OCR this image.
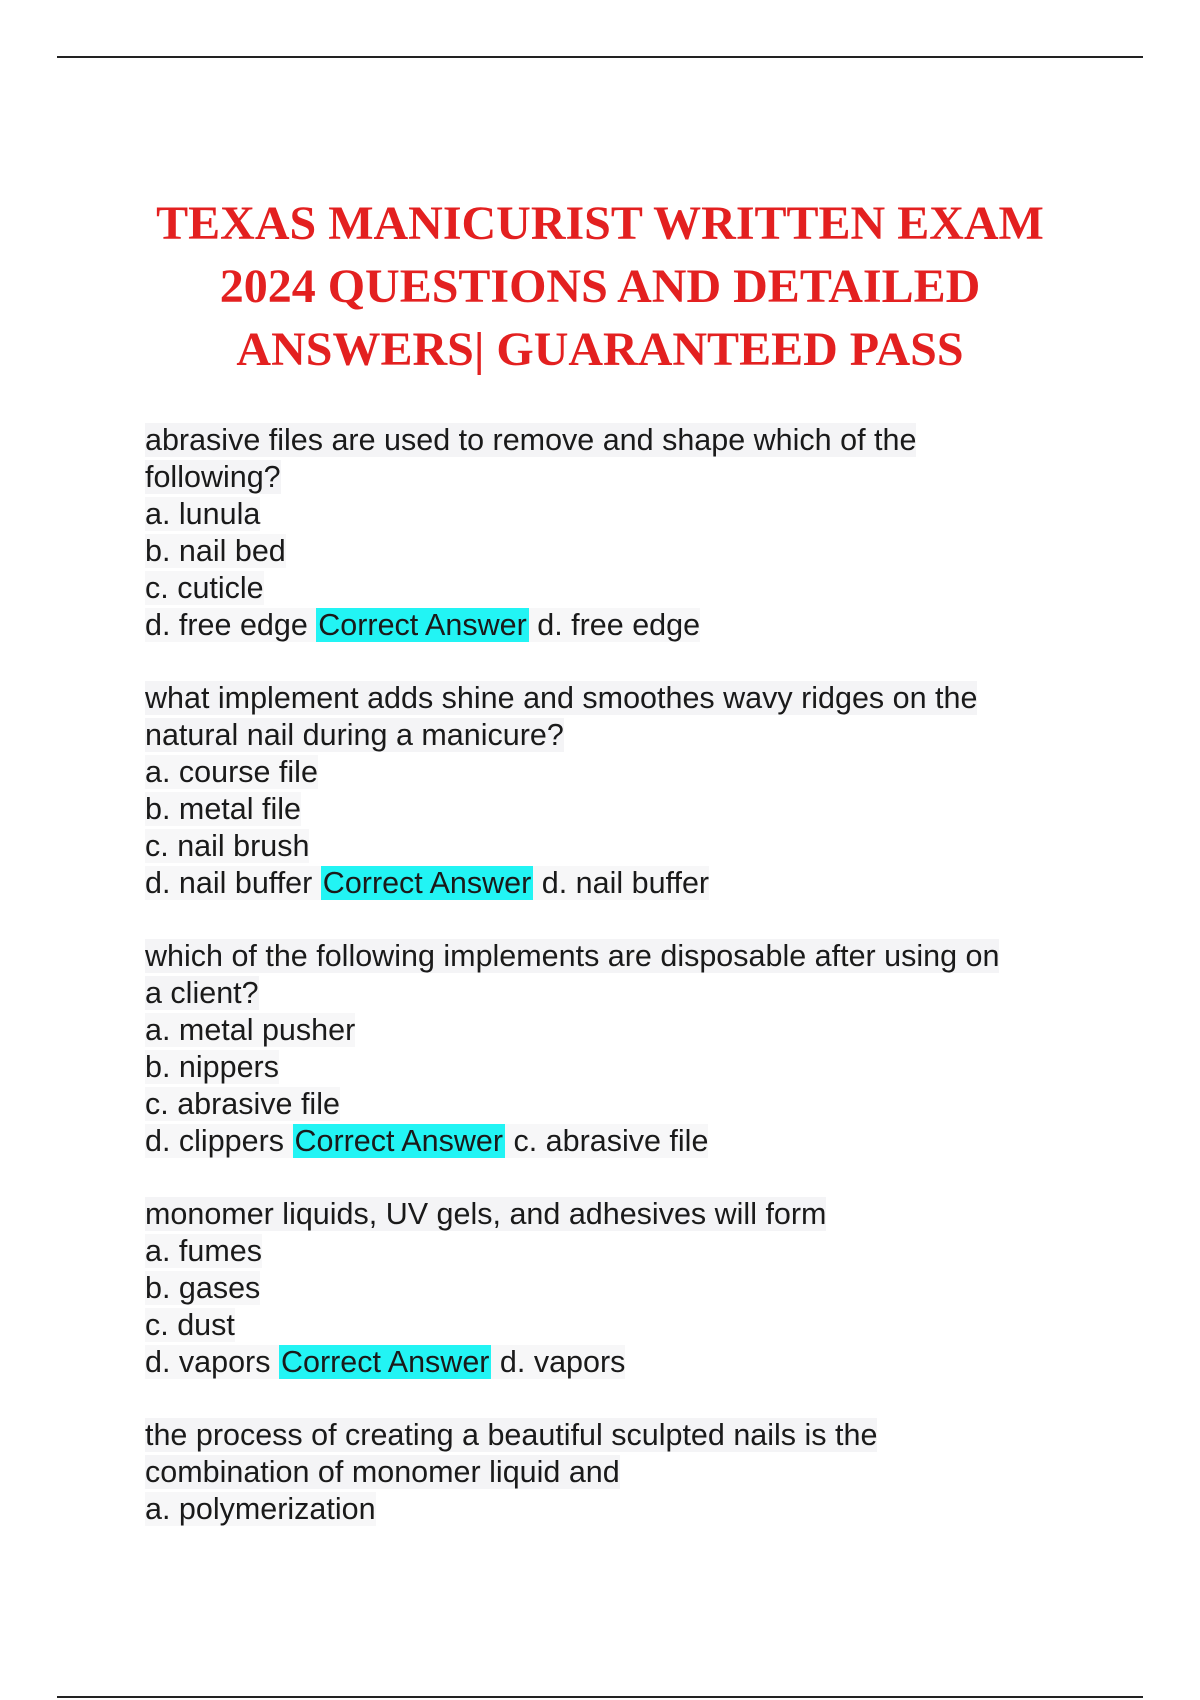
TEXAS MANICURIST WRITTEN EXAM
2024 QUESTIONS AND DETAILED
ANSWERS| GUARANTEED PASS
abrasive files are used to remove and shape which of the
following?
a. lunula
b. nail bed
c. cuticle
d. free edge Correct Answer d. free edge
what implement adds shine and smoothes wavy ridges on the
natural nail during a manicure?
a. course file
b. metal file
c. nail brush
d. nail buffer Correct Answer d. nail buffer
which of the following implements are disposable after using on
a client?
a. metal pusher
b. nippers
c. abrasive file
d. clippers Correct Answer c. abrasive file
monomer liquids, UV gels, and adhesives will form
a. fumes
b. gases
c. dust
d. vapors Correct Answer d. vapors
the process of creating a beautiful sculpted nails is the
combination of monomer liquid and
a. polymerization
